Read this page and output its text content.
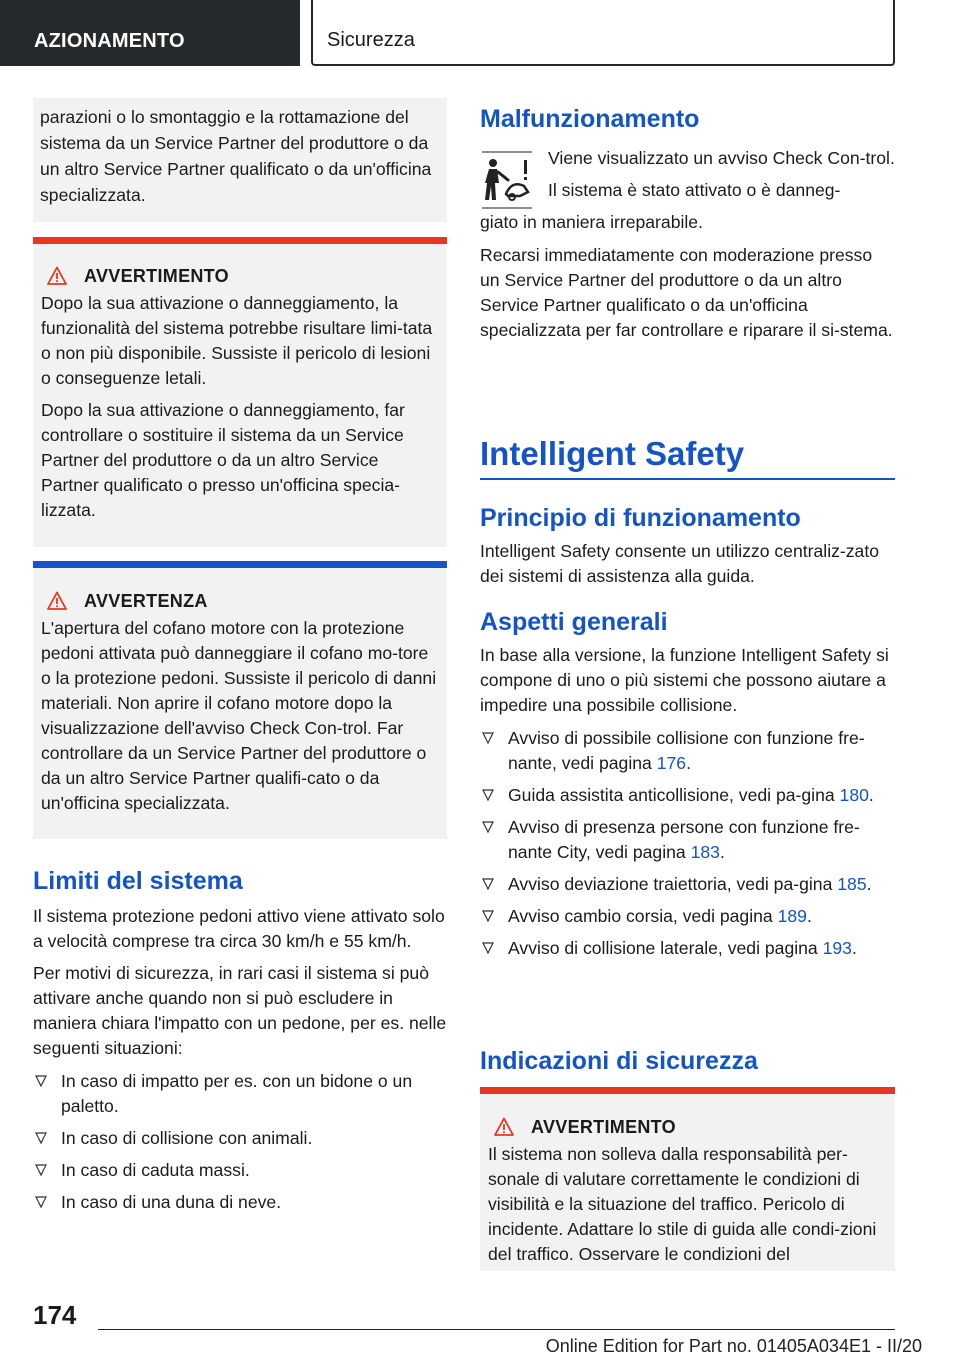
AZIONAMENTO	Sicurezza
parazioni o lo smontaggio e la rottamazione del sistema da un Service Partner del produttore o da un altro Service Partner qualificato o da un'officina specializzata.
AVVERTIMENTO

Dopo la sua attivazione o danneggiamento, la funzionalità del sistema potrebbe risultare limi-tata o non più disponibile. Sussiste il pericolo di lesioni o conseguenze letali.

Dopo la sua attivazione o danneggiamento, far controllare o sostituire il sistema da un Service Partner del produttore o da un altro Service Partner qualificato o presso un'officina specia-lizzata.

AVVERTENZA

L'apertura del cofano motore con la protezione pedoni attivata può danneggiare il cofano mo-tore o la protezione pedoni. Sussiste il pericolo di danni materiali. Non aprire il cofano motore dopo la visualizzazione dell'avviso Check Con-trol. Far controllare da un Service Partner del produttore o da un altro Service Partner qualifi-cato o da un'officina specializzata.

Limiti del sistema
Il sistema protezione pedoni attivo viene attivato solo a velocità comprese tra circa 30 km/h e 55 km/h.
Per motivi di sicurezza, in rari casi il sistema si può attivare anche quando non si può escludere in maniera chiara l'impatto con un pedone, per es. nelle seguenti situazioni:
In caso di impatto per es. con un bidone o un paletto.
In caso di collisione con animali.
In caso di caduta massi.
In caso di una duna di neve.
Malfunzionamento
Viene visualizzato un avviso Check Con-trol.
Il sistema è stato attivato o è danneg-
giato in maniera irreparabile.
Recarsi immediatamente con moderazione presso un Service Partner del produttore o da un altro Service Partner qualificato o da un'officina specializzata per far controllare e riparare il si-stema.
Intelligent Safety
Principio di funzionamento
Intelligent Safety consente un utilizzo centraliz-zato dei sistemi di assistenza alla guida.
Aspetti generali
In base alla versione, la funzione Intelligent Safety si compone di uno o più sistemi che possono aiutare a impedire una possibile collisione.
Avviso di possibile collisione con funzione fre-nante, vedi pagina 176.
Guida assistita anticollisione, vedi pa-gina 180.
Avviso di presenza persone con funzione fre-nante City, vedi pagina 183.
Avviso deviazione traiettoria, vedi pa-gina 185.
Avviso cambio corsia, vedi pagina 189.
Avviso di collisione laterale, vedi pagina 193.
Indicazioni di sicurezza
AVVERTIMENTO

Il sistema non solleva dalla responsabilità per-sonale di valutare correttamente le condizioni di visibilità e la situazione del traffico. Pericolo di incidente. Adattare lo stile di guida alle condi-zioni del traffico. Osservare le condizioni del

174
Online Edition for Part no. 01405A034E1 - II/20
